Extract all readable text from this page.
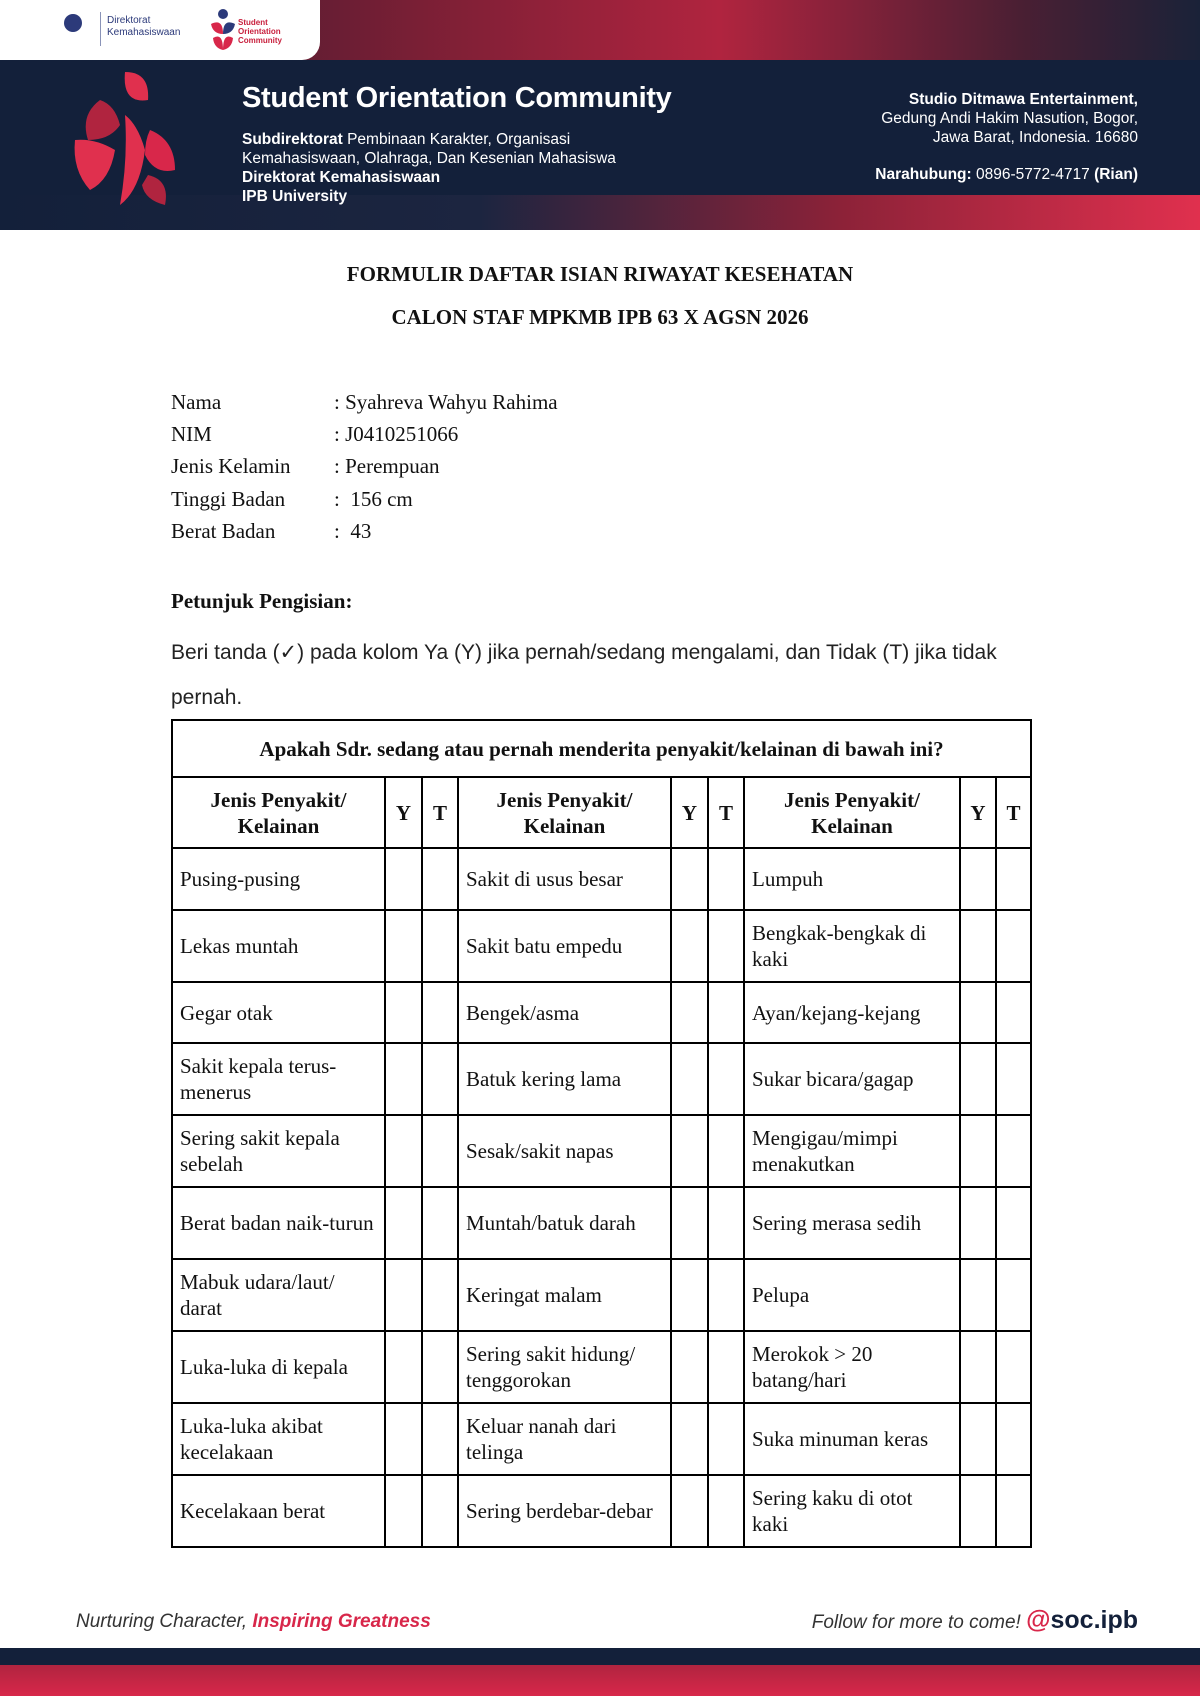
Direktorat
Kemahasiswaan
Student
Orientation
Community
Student Orientation Community
Subdirektorat Pembinaan Karakter, Organisasi
Kemahasiswaan, Olahraga, Dan Kesenian Mahasiswa
Direktorat Kemahasiswaan
IPB University
Studio Ditmawa Entertainment,
Gedung Andi Hakim Nasution, Bogor,
Jawa Barat, Indonesia. 16680
Narahubung: 0896-5772-4717 (Rian)
FORMULIR DAFTAR ISIAN RIWAYAT KESEHATAN
CALON STAF MPKMB IPB 63 X AGSN 2026
Nama	: Syahreva Wahyu Rahima
NIM	: J0410251066
Jenis Kelamin	: Perempuan
Tinggi Badan	:  156 cm
Berat Badan	:  43
Petunjuk Pengisian:
Beri tanda (✓) pada kolom Ya (Y) jika pernah/sedang mengalami, dan Tidak (T) jika tidak pernah.
Apakah Sdr. sedang atau pernah menderita penyakit/kelainan di bawah ini?								
Jenis Penyakit/ Kelainan	Y	T	Jenis Penyakit/ Kelainan	Y	T	Jenis Penyakit/ Kelainan	Y	T
Pusing-pusing			Sakit di usus besar			Lumpuh		
Lekas muntah			Sakit batu empedu			Bengkak-bengkak di kaki		
Gegar otak			Bengek/asma			Ayan/kejang-kejang		
Sakit kepala terus-menerus			Batuk kering lama			Sukar bicara/gagap		
Sering sakit kepala sebelah			Sesak/sakit napas			Mengigau/mimpi menakutkan		
Berat badan naik-turun			Muntah/batuk darah			Sering merasa sedih		
Mabuk udara/laut/ darat			Keringat malam			Pelupa		
Luka-luka di kepala			Sering sakit hidung/ tenggorokan			Merokok > 20 batang/hari		
Luka-luka akibat kecelakaan			Keluar nanah dari telinga			Suka minuman keras		
Kecelakaan berat			Sering berdebar-debar			Sering kaku di otot kaki		
Nurturing Character, Inspiring Greatness	Follow for more to come! @soc.ipb
